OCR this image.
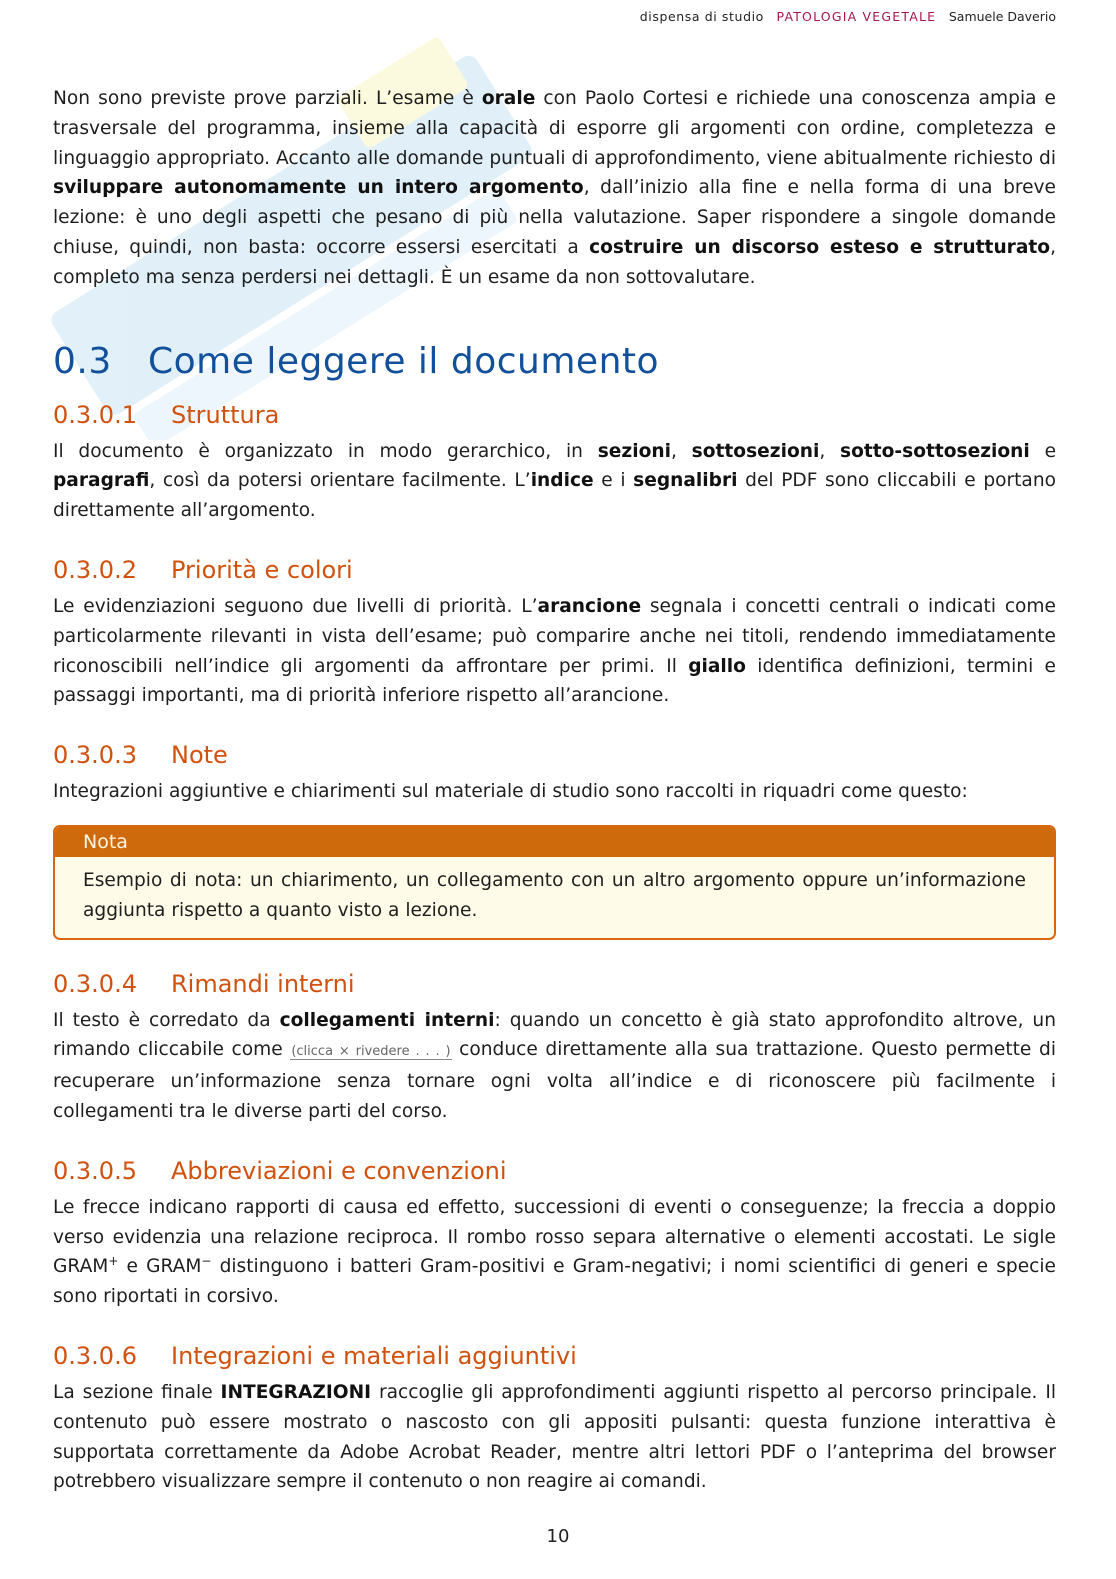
dispensa di studio PATOLOGIA VEGETALE Samuele Daverio

Non sono previste prove parziali. L’esame è orale con Paolo Cortesi e richiede una conoscenza ampia e trasversale del programma, insieme alla capacità di esporre gli argomenti con ordine, completezza e linguaggio appropriato. Accanto alle domande puntuali di approfondimento, viene abitualmente richiesto di sviluppare autonomamente un intero argomento, dall’inizio alla fine e nella forma di una breve lezione: è uno degli aspetti che pesano di più nella valutazione. Saper rispondere a singole domande chiuse, quindi, non basta: occorre essersi esercitati a costruire un discorso esteso e strutturato, completo ma senza perdersi nei dettagli. È un esame da non sottovalutare.

0.3 Come leggere il documento
0.3.0.1 Struttura

Il documento è organizzato in modo gerarchico, in sezioni, sottosezioni, sotto-sottosezioni e paragrafi, così da potersi orientare facilmente. L’indice e i segnalibri del PDF sono cliccabili e portano direttamente all’argomento.

0.3.0.2 Priorità e colori

Le evidenziazioni seguono due livelli di priorità. L’arancione segnala i concetti centrali o indicati come particolarmente rilevanti in vista dell’esame; può comparire anche nei titoli, rendendo immediatamente riconoscibili nell’indice gli argomenti da affrontare per primi. Il giallo identifica definizioni, termini e passaggi importanti, ma di priorità inferiore rispetto all’arancione.

0.3.0.3 Note

Integrazioni aggiuntive e chiarimenti sul materiale di studio sono raccolti in riquadri come questo:

Nota
Esempio di nota: un chiarimento, un collegamento con un altro argomento oppure un’informazione aggiunta rispetto a quanto visto a lezione.
0.3.0.4 Rimandi interni

Il testo è corredato da collegamenti interni: quando un concetto è già stato approfondito altrove, un rimando cliccabile come (clicca × rivedere . . . ) conduce direttamente alla sua trattazione. Questo permette di recuperare un’informazione senza tornare ogni volta all’indice e di riconoscere più facilmente i collegamenti tra le diverse parti del corso.

0.3.0.5 Abbreviazioni e convenzioni

Le frecce indicano rapporti di causa ed effetto, successioni di eventi o conseguenze; la freccia a doppio verso evidenzia una relazione reciproca. Il rombo rosso separa alternative o elementi accostati. Le sigle GRAM+ e GRAM− distinguono i batteri Gram-positivi e Gram-negativi; i nomi scientifici di generi e specie sono riportati in corsivo.

0.3.0.6 Integrazioni e materiali aggiuntivi

La sezione finale INTEGRAZIONI raccoglie gli approfondimenti aggiunti rispetto al percorso principale. Il contenuto può essere mostrato o nascosto con gli appositi pulsanti: questa funzione interattiva è supportata correttamente da Adobe Acrobat Reader, mentre altri lettori PDF o l’anteprima del browser potrebbero visualizzare sempre il contenuto o non reagire ai comandi.

10
